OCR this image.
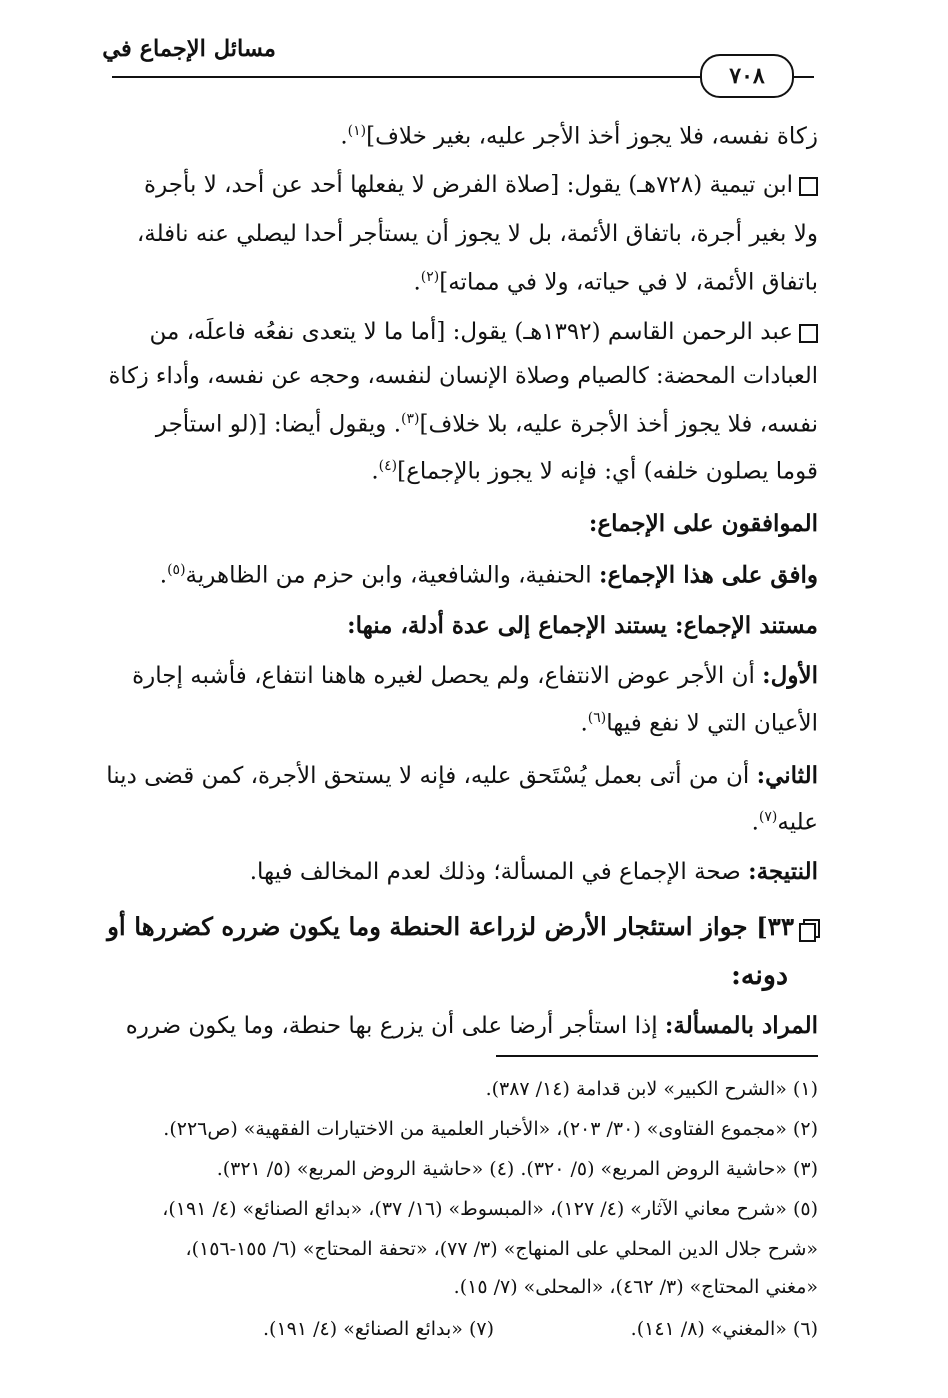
مسائل الإجماع في
٧٠٨
زكاة نفسه، فلا يجوز أخذ الأجر عليه، بغير خلاف]$^{(١)}$.
ابن تيمية (٧٢٨هـ) يقول: [صلاة الفرض لا يفعلها أحد عن أحد، لا بأجرة
ولا بغير أجرة، باتفاق الأئمة، بل لا يجوز أن يستأجر أحدا ليصلي عنه نافلة،
باتفاق الأئمة، لا في حياته، ولا في مماته]$^{(٢)}$.
عبد الرحمن القاسم (١٣٩٢هـ) يقول: [أما ما لا يتعدى نفعُه فاعلَه، من
العبادات المحضة: كالصيام وصلاة الإنسان لنفسه، وحجه عن نفسه، وأداء زكاة
نفسه، فلا يجوز أخذ الأجرة عليه، بلا خلاف]$^{(٣)}$. ويقول أيضا: [(لو استأجر
قوما يصلون خلفه) أي: فإنه لا يجوز بالإجماع]$^{(٤)}$.
الموافقون على الإجماع:
وافق على هذا الإجماع: الحنفية، والشافعية، وابن حزم من الظاهرية$^{(٥)}$.
مستند الإجماع: يستند الإجماع إلى عدة أدلة، منها:
الأول: أن الأجر عوض الانتفاع، ولم يحصل لغيره هاهنا انتفاع، فأشبه إجارة
الأعيان التي لا نفع فيها$^{(٦)}$.
الثاني: أن من أتى بعمل يُسْتَحق عليه، فإنه لا يستحق الأجرة، كمن قضى دينا
عليه$^{(٧)}$.
النتيجة: صحة الإجماع في المسألة؛ وذلك لعدم المخالف فيها.
٣٣] جواز استئجار الأرض لزراعة الحنطة وما يكون ضرره كضررها أو
دونه:
المراد بالمسألة: إذا استأجر أرضا على أن يزرع بها حنطة، وما يكون ضرره
(١) «الشرح الكبير» لابن قدامة (١٤/ ٣٨٧).
(٢) «مجموع الفتاوى» (٣٠/ ٢٠٣)، «الأخبار العلمية من الاختيارات الفقهية» (ص٢٢٦).
(٣) «حاشية الروض المربع» (٥/ ٣٢٠). (٤) «حاشية الروض المربع» (٥/ ٣٢١).
(٥) «شرح معاني الآثار» (٤/ ١٢٧)، «المبسوط» (١٦/ ٣٧)، «بدائع الصنائع» (٤/ ١٩١)،
«شرح جلال الدين المحلي على المنهاج» (٣/ ٧٧)، «تحفة المحتاج» (٦/ ١٥٥-١٥٦)،
«مغني المحتاج» (٣/ ٤٦٢)، «المحلى» (٧/ ١٥).
(٦) «المغني» (٨/ ١٤١).
(٧) «بدائع الصنائع» (٤/ ١٩١).
